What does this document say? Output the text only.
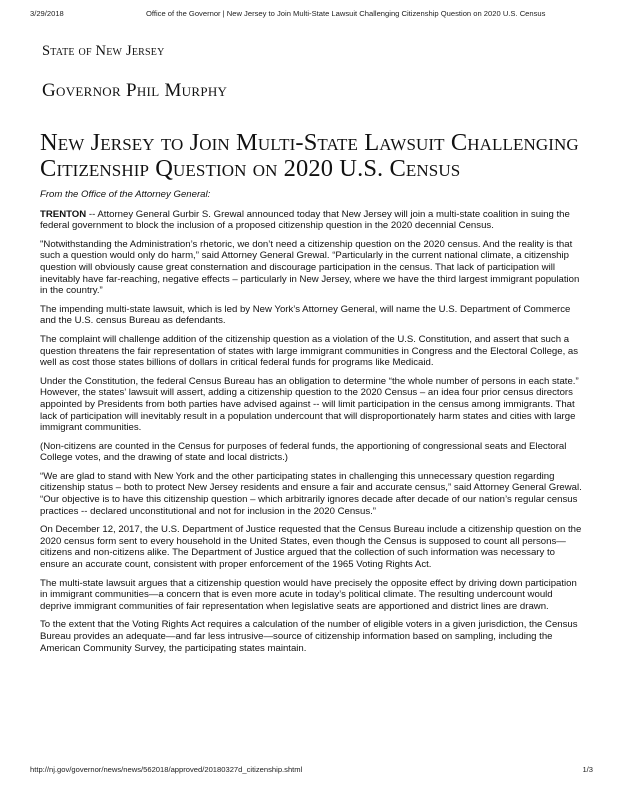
3/29/2018	Office of the Governor | New Jersey to Join Multi-State Lawsuit Challenging Citizenship Question on 2020 U.S. Census
State of New Jersey
Governor Phil Murphy
New Jersey to Join Multi-State Lawsuit Challenging Citizenship Question on 2020 U.S. Census

From the Office of the Attorney General:

TRENTON -- Attorney General Gurbir S. Grewal announced today that New Jersey will join a multi-state coalition in suing the federal government to block the inclusion of a proposed citizenship question in the 2020 decennial Census.

"Notwithstanding the Administration’s rhetoric, we don’t need a citizenship question on the 2020 census. And the reality is that such a question would only do harm,” said Attorney General Grewal. “Particularly in the current national climate, a citizenship question will obviously cause great consternation and discourage participation in the census. That lack of participation will inevitably have far-reaching, negative effects – particularly in New Jersey, where we have the third largest immigrant population in the country.”

The impending multi-state lawsuit, which is led by New York’s Attorney General, will name the U.S. Department of Commerce and the U.S. census Bureau as defendants.

The complaint will challenge addition of the citizenship question as a violation of the U.S. Constitution, and assert that such a question threatens the fair representation of states with large immigrant communities in Congress and the Electoral College, as well as cost those states billions of dollars in critical federal funds for programs like Medicaid.

Under the Constitution, the federal Census Bureau has an obligation to determine “the whole number of persons in each state.” However, the states’ lawsuit will assert, adding a citizenship question to the 2020 Census – an idea four prior census directors appointed by Presidents from both parties have advised against -- will limit participation in the census among immigrants. That lack of participation will inevitably result in a population undercount that will disproportionately harm states and cities with large immigrant communities.

(Non-citizens are counted in the Census for purposes of federal funds, the apportioning of congressional seats and Electoral College votes, and the drawing of state and local districts.)

“We are glad to stand with New York and the other participating states in challenging this unnecessary question regarding citizenship status – both to protect New Jersey residents and ensure a fair and accurate census,” said Attorney General Grewal. “Our objective is to have this citizenship question – which arbitrarily ignores decade after decade of our nation’s regular census practices -- declared unconstitutional and not for inclusion in the 2020 Census.”

On December 12, 2017, the U.S. Department of Justice requested that the Census Bureau include a citizenship question on the 2020 census form sent to every household in the United States, even though the Census is supposed to count all persons—citizens and non-citizens alike. The Department of Justice argued that the collection of such information was necessary to ensure an accurate count, consistent with proper enforcement of the 1965 Voting Rights Act.

The multi-state lawsuit argues that a citizenship question would have precisely the opposite effect by driving down participation in immigrant communities—a concern that is even more acute in today’s political climate. The resulting undercount would deprive immigrant communities of fair representation when legislative seats are apportioned and district lines are drawn.

To the extent that the Voting Rights Act requires a calculation of the number of eligible voters in a given jurisdiction, the Census Bureau provides an adequate—and far less intrusive—source of citizenship information based on sampling, including the American Community Survey, the participating states maintain.

http://nj.gov/governor/news/news/562018/approved/20180327d_citizenship.shtml	1/3
